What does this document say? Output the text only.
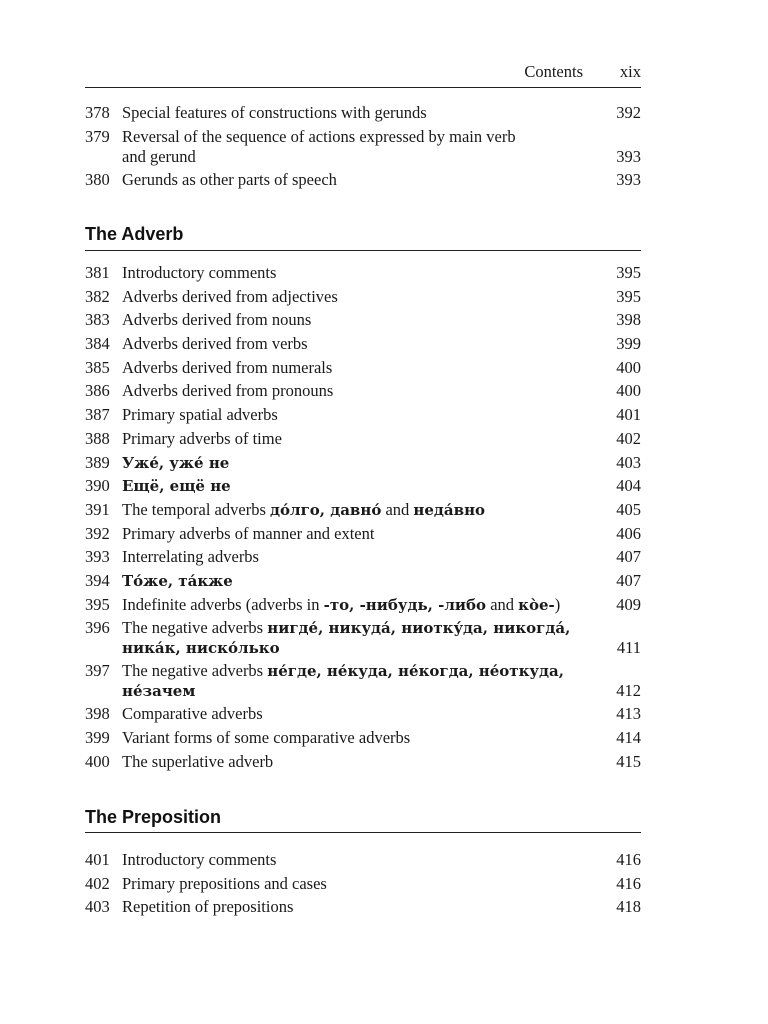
Contents xix
378 Special features of constructions with gerunds	392
379 Reversal of the sequence of actions expressed by main verb
and gerund	393
380 Gerunds as other parts of speech	393
The Adverb
381 Introductory comments	395
382 Adverbs derived from adjectives	395
383 Adverbs derived from nouns	398
384 Adverbs derived from verbs	399
385 Adverbs derived from numerals	400
386 Adverbs derived from pronouns	400
387 Primary spatial adverbs	401
388 Primary adverbs of time	402
389 Уже́, уже́ не	403
390 Ещё, ещё не	404
391 The temporal adverbs до́лго, давно́ and неда́вно	405
392 Primary adverbs of manner and extent	406
393 Interrelating adverbs	407
394 То́же, та́кже	407
395 Indefinite adverbs (adverbs in -то, -нибудь, -либо and ко̀е-)	409
396 The negative adverbs нигде́, никуда́, ниотку́да, никогда́,
ника́к, ниско́лько	411
397 The negative adverbs не́где, не́куда, не́когда, не́откуда,
не́зачем	412
398 Comparative adverbs	413
399 Variant forms of some comparative adverbs	414
400 The superlative adverb	415
The Preposition
401 Introductory comments	416
402 Primary prepositions and cases	416
403 Repetition of prepositions	418
